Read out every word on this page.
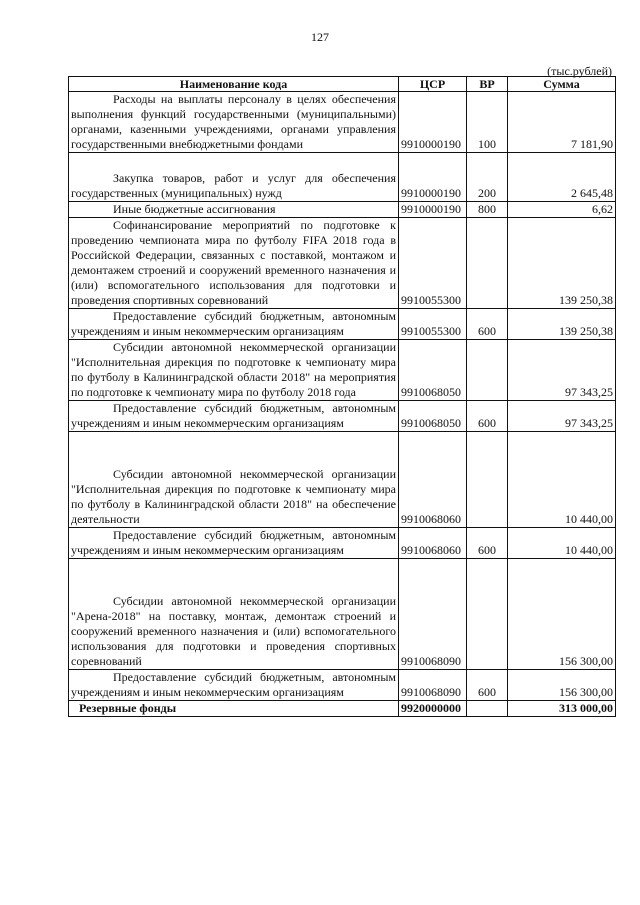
127
(тыс.рублей)
Наименование кода	ЦСР	ВР	Сумма
Расходы на выплаты персоналу в целях обеспечения выполнения функций государственными (муниципальными) органами, казенными учреждениями, органами управления государственными внебюджетными фондами	9910000190	100	7 181,90
Закупка товаров, работ и услуг для обеспечения государственных (муниципальных) нужд	9910000190	200	2 645,48
Иные бюджетные ассигнования	9910000190	800	6,62
Софинансирование мероприятий по подготовке к проведению чемпионата мира по футболу FIFA 2018 года в Российской Федерации, связанных с поставкой, монтажом и демонтажем строений и сооружений временного назначения и (или) вспомогательного использования для подготовки и проведения спортивных соревнований	9910055300		139 250,38
Предоставление субсидий бюджетным, автономным учреждениям и иным некоммерческим организациям	9910055300	600	139 250,38
Субсидии автономной некоммерческой организации "Исполнительная дирекция по подготовке к чемпионату мира по футболу в Калининградской области 2018" на мероприятия по подготовке к чемпионату мира по футболу 2018 года	9910068050		97 343,25
Предоставление субсидий бюджетным, автономным учреждениям и иным некоммерческим организациям	9910068050	600	97 343,25
Субсидии автономной некоммерческой организации "Исполнительная дирекция по подготовке к чемпионату мира по футболу в Калининградской области 2018" на обеспечение деятельности	9910068060		10 440,00
Предоставление субсидий бюджетным, автономным учреждениям и иным некоммерческим организациям	9910068060	600	10 440,00
Субсидии автономной некоммерческой организации "Арена-2018" на поставку, монтаж, демонтаж строений и сооружений временного назначения и (или) вспомогательного использования для подготовки и проведения спортивных соревнований	9910068090		156 300,00
Предоставление субсидий бюджетным, автономным учреждениям и иным некоммерческим организациям	9910068090	600	156 300,00
Резервные фонды	9920000000		313 000,00
